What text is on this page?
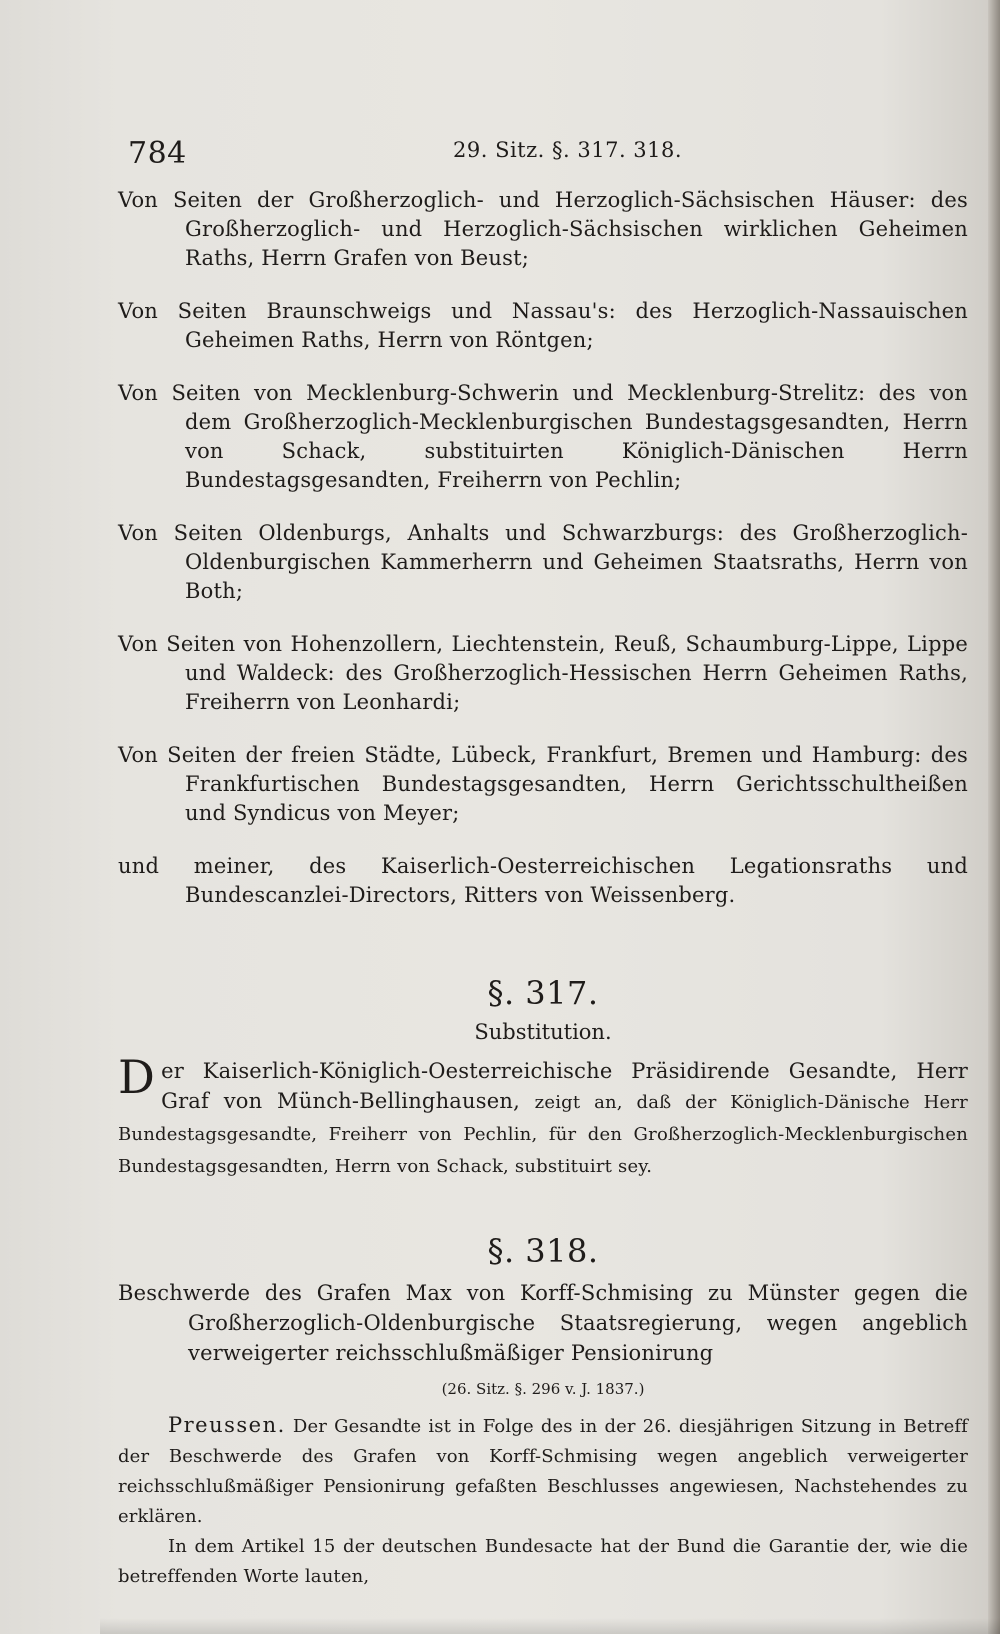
784	29. Sitz. §. 317. 318.
Von Seiten der Großherzoglich- und Herzoglich-Sächsischen Häuser: des Großherzoglich- und Herzoglich-Sächsischen wirklichen Geheimen Raths, Herrn Grafen von Beust;
Von Seiten Braunschweigs und Nassau's: des Herzoglich-Nassauischen Geheimen Raths, Herrn von Röntgen;
Von Seiten von Mecklenburg-Schwerin und Mecklenburg-Strelitz: des von dem Großherzoglich-Mecklenburgischen Bundestagsgesandten, Herrn von Schack, substituirten Königlich-Dänischen Herrn Bundestagsgesandten, Freiherrn von Pechlin;
Von Seiten Oldenburgs, Anhalts und Schwarzburgs: des Großherzoglich-Oldenburgischen Kammerherrn und Geheimen Staatsraths, Herrn von Both;
Von Seiten von Hohenzollern, Liechtenstein, Reuß, Schaumburg-Lippe, Lippe und Waldeck: des Großherzoglich-Hessischen Herrn Geheimen Raths, Freiherrn von Leonhardi;
Von Seiten der freien Städte, Lübeck, Frankfurt, Bremen und Hamburg: des Frankfurtischen Bundestagsgesandten, Herrn Gerichtsschultheißen und Syndicus von Meyer;
und meiner, des Kaiserlich-Oesterreichischen Legationsraths und Bundescanzlei-Directors, Ritters von Weissenberg.
§. 317.
Substitution.
D er Kaiserlich-Königlich-Oesterreichische Präsidirende Gesandte, Herr Graf von Münch-Bellinghausen, zeigt an, daß der Königlich-Dänische Herr Bundestagsgesandte, Freiherr von Pechlin, für den Großherzoglich-Mecklenburgischen Bundestagsgesandten, Herrn von Schack, substituirt sey.
§. 318.
Beschwerde des Grafen Max von Korff-Schmising zu Münster gegen die Großherzoglich-Oldenburgische Staatsregierung, wegen angeblich verweigerter reichsschlußmäßiger Pensionirung
(26. Sitz. §. 296 v. J. 1837.)
Preussen. Der Gesandte ist in Folge des in der 26. diesjährigen Sitzung in Betreff der Beschwerde des Grafen von Korff-Schmising wegen angeblich verweigerter reichsschlußmäßiger Pensionirung gefaßten Beschlusses angewiesen, Nachstehendes zu erklären.
In dem Artikel 15 der deutschen Bundesacte hat der Bund die Garantie der, wie die betreffenden Worte lauten,
